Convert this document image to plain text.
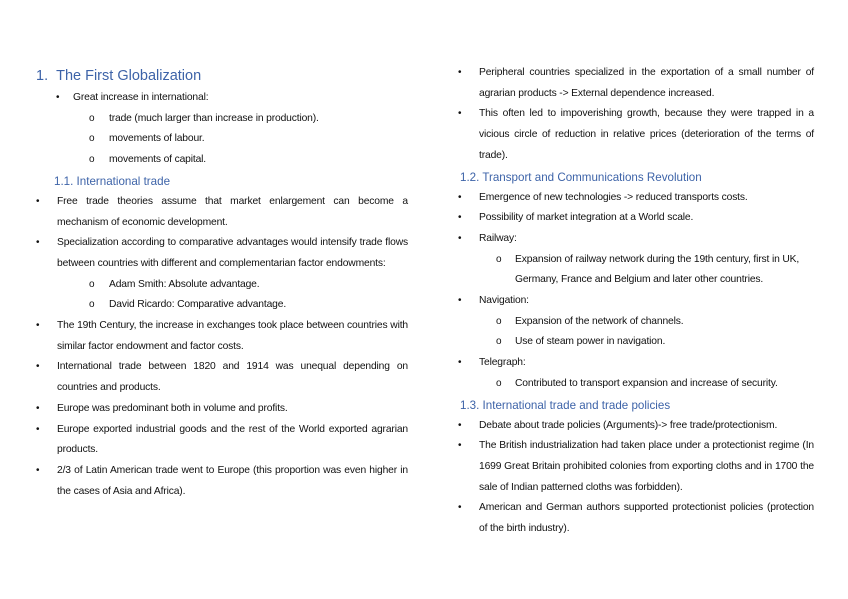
1. The First Globalization
• Great increase in international:
o trade (much larger than increase in production).
o movements of labour.
o movements of capital.
1.1. International trade
• Free trade theories assume that market enlargement can become a mechanism of economic development.
• Specialization according to comparative advantages would intensify trade flows between countries with different and complementarian factor endowments:
o Adam Smith: Absolute advantage.
o David Ricardo: Comparative advantage.
• The 19th Century, the increase in exchanges took place between countries with similar factor endowment and factor costs.
• International trade between 1820 and 1914 was unequal depending on countries and products.
• Europe was predominant both in volume and profits.
• Europe exported industrial goods and the rest of the World exported agrarian products.
• 2/3 of Latin American trade went to Europe (this proportion was even higher in the cases of Asia and Africa).
• Peripheral countries specialized in the exportation of a small number of agrarian products -> External dependence increased.
• This often led to impoverishing growth, because they were trapped in a vicious circle of reduction in relative prices (deterioration of the terms of trade).
1.2. Transport and Communications Revolution
• Emergence of new technologies -> reduced transports costs.
• Possibility of market integration at a World scale.
• Railway:
o Expansion of railway network during the 19th century, first in UK, Germany, France and Belgium and later other countries.
• Navigation:
o Expansion of the network of channels.
o Use of steam power in navigation.
• Telegraph:
o Contributed to transport expansion and increase of security.
1.3. International trade and trade policies
• Debate about trade policies (Arguments)-> free trade/protectionism.
• The British industrialization had taken place under a protectionist regime (In 1699 Great Britain prohibited colonies from exporting cloths and in 1700 the sale of Indian patterned cloths was forbidden).
• American and German authors supported protectionist policies (protection of the birth industry).
